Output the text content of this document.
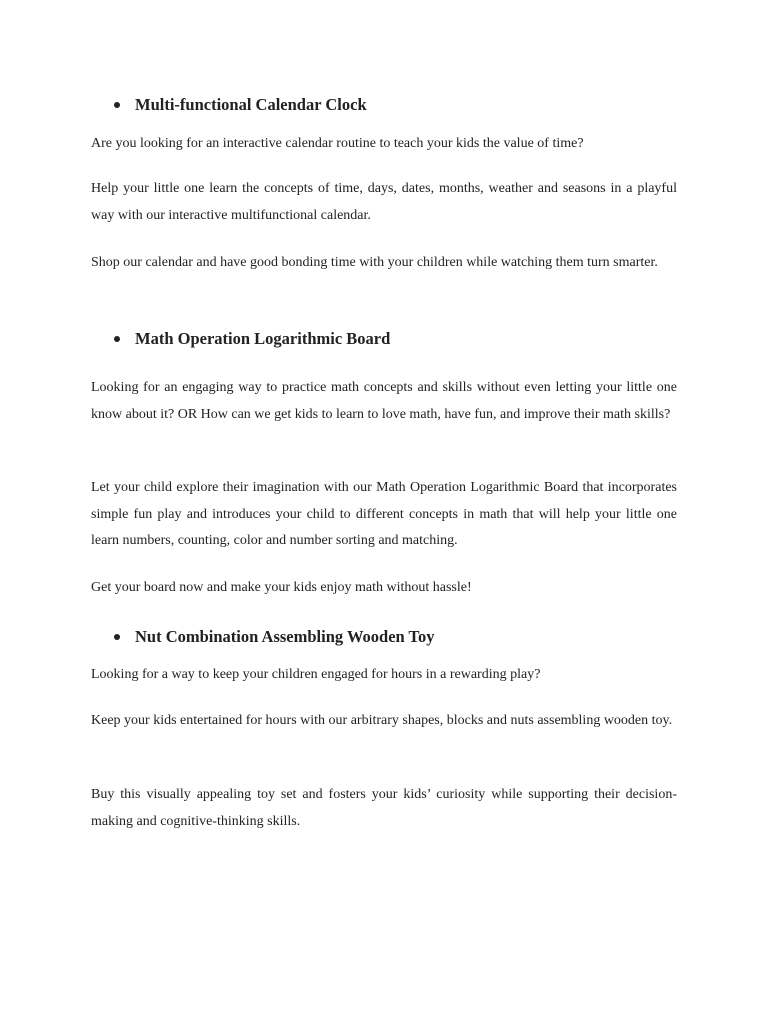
Multi-functional Calendar Clock

Are you looking for an interactive calendar routine to teach your kids the value of time?

Help your little one learn the concepts of time, days, dates, months, weather and seasons in a playful way with our interactive multifunctional calendar.

Shop our calendar and have good bonding time with your children while watching them turn smarter.

Math Operation Logarithmic Board

Looking for an engaging way to practice math concepts and skills without even letting your little one know about it? OR How can we get kids to learn to love math, have fun, and improve their math skills?

Let your child explore their imagination with our Math Operation Logarithmic Board that incorporates simple fun play and introduces your child to different concepts in math that will help your little one learn numbers, counting, color and number sorting and matching.

Get your board now and make your kids enjoy math without hassle!

Nut Combination Assembling Wooden Toy

Looking for a way to keep your children engaged for hours in a rewarding play?

Keep your kids entertained for hours with our arbitrary shapes, blocks and nuts assembling wooden toy.

Buy this visually appealing toy set and fosters your kids’ curiosity while supporting their decision-making and cognitive-thinking skills.
